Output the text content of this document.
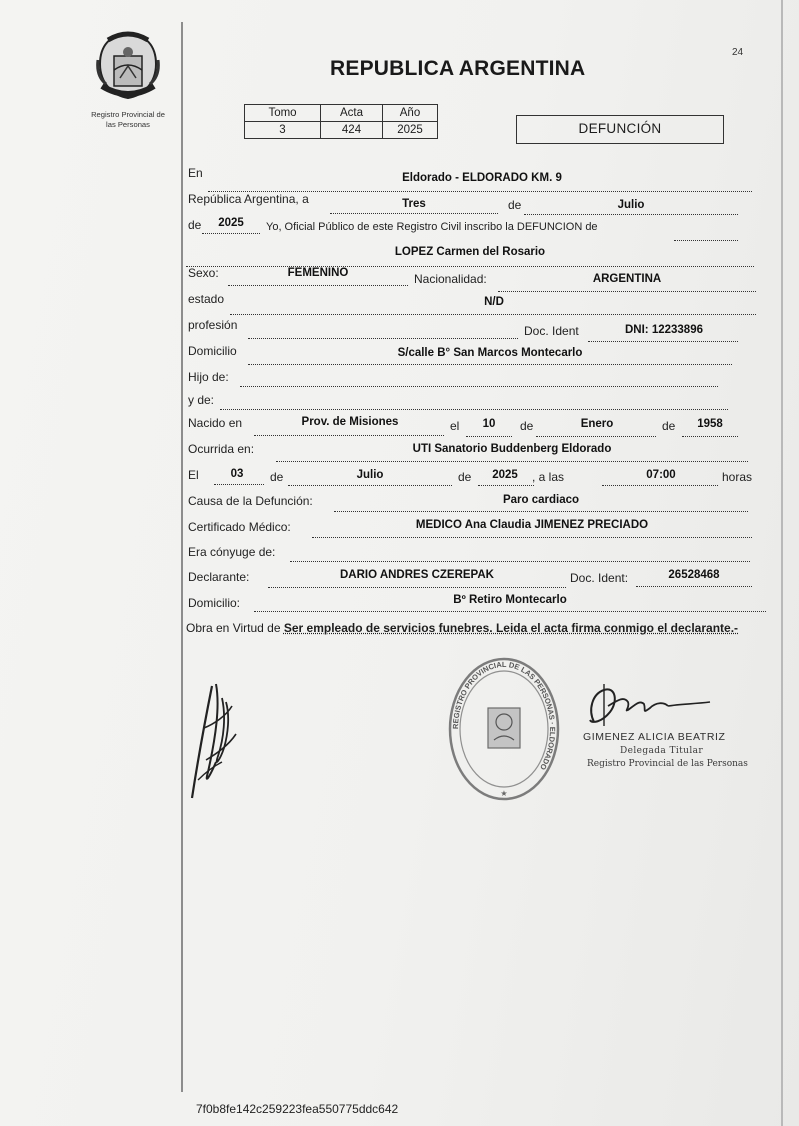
Registro Provincial de
las Personas
24
REPUBLICA ARGENTINA
Tomo	Acta	Año
3	424	2025	DEFUNCIÓN
En	Eldorado - ELDORADO KM. 9
República Argentina, a	Tres	de	Julio
de	2025	Yo, Oficial Público de este Registro Civil inscribo la DEFUNCION de
LOPEZ Carmen del Rosario
Sexo:	FEMENINO	Nacionalidad:	ARGENTINA
estado	N/D
profesión	Doc. Ident	DNI: 12233896
Domicilio	S/calle B° San Marcos Montecarlo
Hijo de:
y de:
Nacido en	Prov. de Misiones	el	10	de	Enero	de	1958
Ocurrida en:	UTI Sanatorio Buddenberg Eldorado
El	03	de	Julio	de	2025	, a las	07:00	horas
Causa de la Defunción:	Paro cardiaco
Certificado Médico:	MEDICO Ana Claudia JIMENEZ PRECIADO
Era cónyuge de:
Declarante:	DARIO ANDRES CZEREPAK	Doc. Ident:	26528468
Domicilio:	Bº Retiro Montecarlo
Obra en Virtud de Ser empleado de servicios funebres. Leida el acta firma conmigo el declarante.-
REGISTRO PROVINCIAL DE LAS PERSONAS · ELDORADO
★
GIMENEZ ALICIA BEATRIZ
Delegada Titular
Registro Provincial de las Personas
7f0b8fe142c259223fea550775ddc642
